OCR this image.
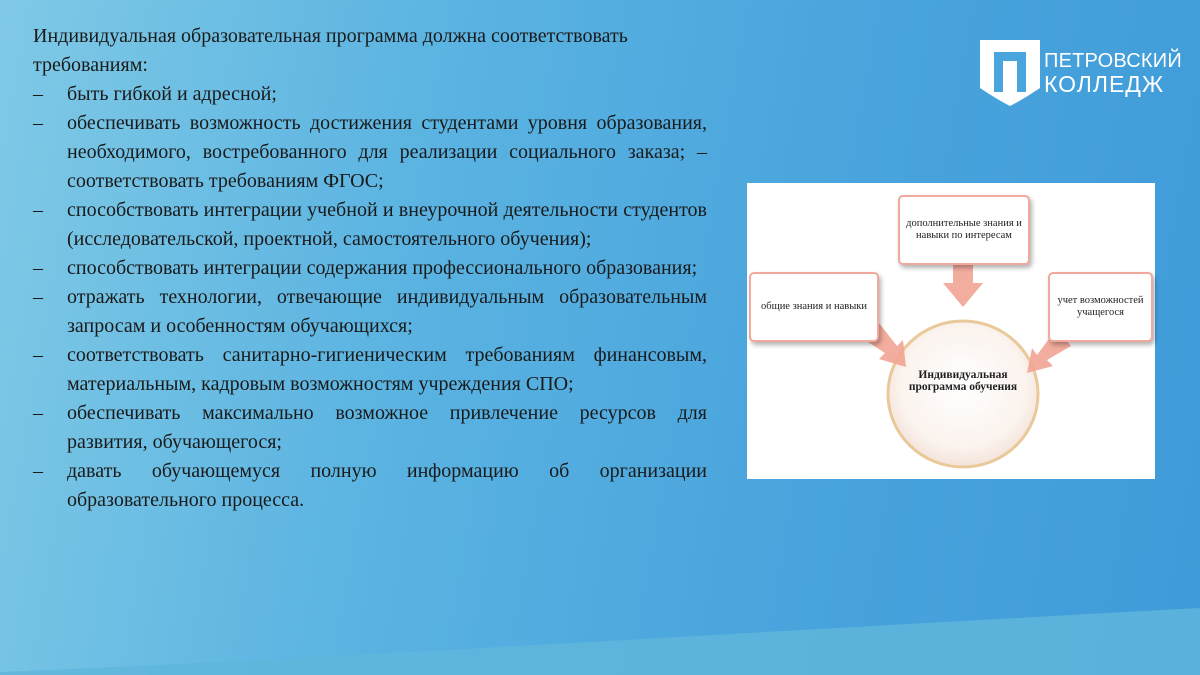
Индивидуальная образовательная программа должна соответствовать требованиям:

–	быть гибкой и адресной;
–	обеспечивать возможность достижения студентами уровня образования, необходимого, востребованного для реализации социального заказа; – соответствовать требованиям ФГОС;
–	способствовать интеграции учебной и внеурочной деятельности студентов (исследовательской, проектной, самостоятельного обучения);
–	способствовать интеграции содержания профессионального образования;
–	отражать технологии, отвечающие индивидуальным образовательным запросам и особенностям обучающихся;
–	соответствовать санитарно-гигиеническим требованиям финансовым, материальным, кадровым возможностям учреждения СПО;
–	обеспечивать максимально возможное привлечение ресурсов для развития, обучающегося;
–	давать обучающемуся полную информацию об организации образовательного процесса.
ПЕТРОВСКИЙ
КОЛЛЕДЖ
дополнительные знания и навыки по интересам
общие знания и навыки
учет возможностей учащегося
Индивидуальная программа обучения
